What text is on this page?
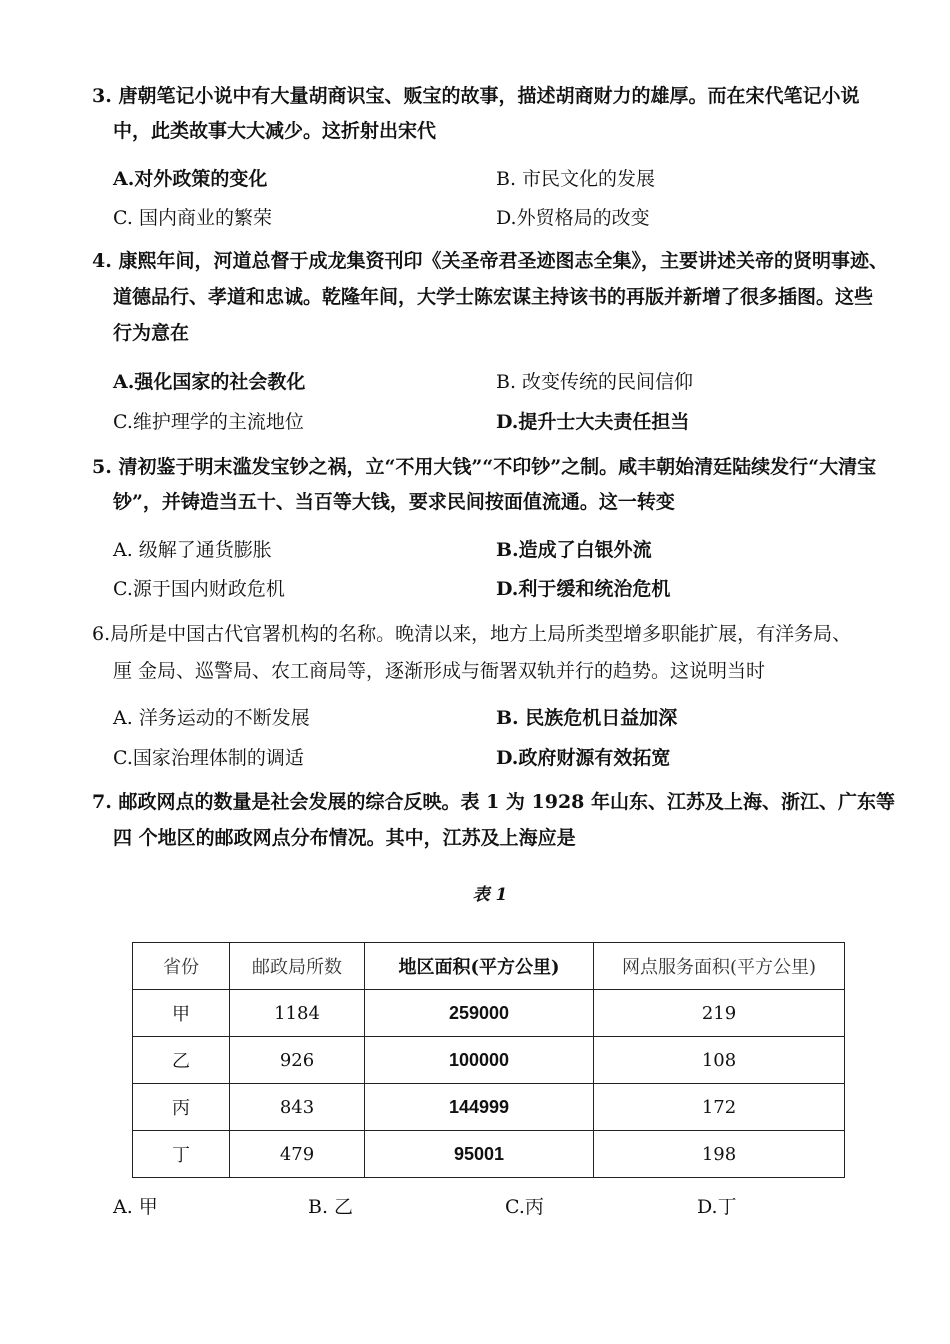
3. 唐朝笔记小说中有大量胡商识宝、贩宝的故事，描述胡商财力的雄厚。而在宋代笔记小说
中，此类故事大大减少。这折射出宋代
A.对外政策的变化	B. 市民文化的发展
C. 国内商业的繁荣	D.外贸格局的改变
4. 康熙年间，河道总督于成龙集资刊印《关圣帝君圣迹图志全集》，主要讲述关帝的贤明事迹、
道德品行、孝道和忠诚。乾隆年间，大学士陈宏谋主持该书的再版并新增了很多插图。这些
行为意在
A.强化国家的社会教化	B. 改变传统的民间信仰
C.维护理学的主流地位	D.提升士大夫责任担当
5. 清初鉴于明末滥发宝钞之祸，立“不用大钱”“不印钞”之制。咸丰朝始清廷陆续发行“大清宝
钞”，并铸造当五十、当百等大钱，要求民间按面值流通。这一转变
A. 级解了通货膨胀	B.造成了白银外流
C.源于国内财政危机	D.利于缓和统治危机
6.局所是中国古代官署机构的名称。晚清以来，地方上局所类型增多职能扩展，有洋务局、
厘 金局、巡警局、农工商局等，逐渐形成与衙署双轨并行的趋势。这说明当时
A. 洋务运动的不断发展	B. 民族危机日益加深
C.国家治理体制的调适	D.政府财源有效拓宽
7. 邮政网点的数量是社会发展的综合反映。表 1 为 1928 年山东、江苏及上海、浙江、广东等
四 个地区的邮政网点分布情况。其中，江苏及上海应是
表 1
省份	邮政局所数	地区面积(平方公里)	网点服务面积(平方公里)
甲	1184	259000	219
乙	926	100000	108
丙	843	144999	172
丁	479	95001	198
A. 甲	B. 乙	C.丙	D.丁
